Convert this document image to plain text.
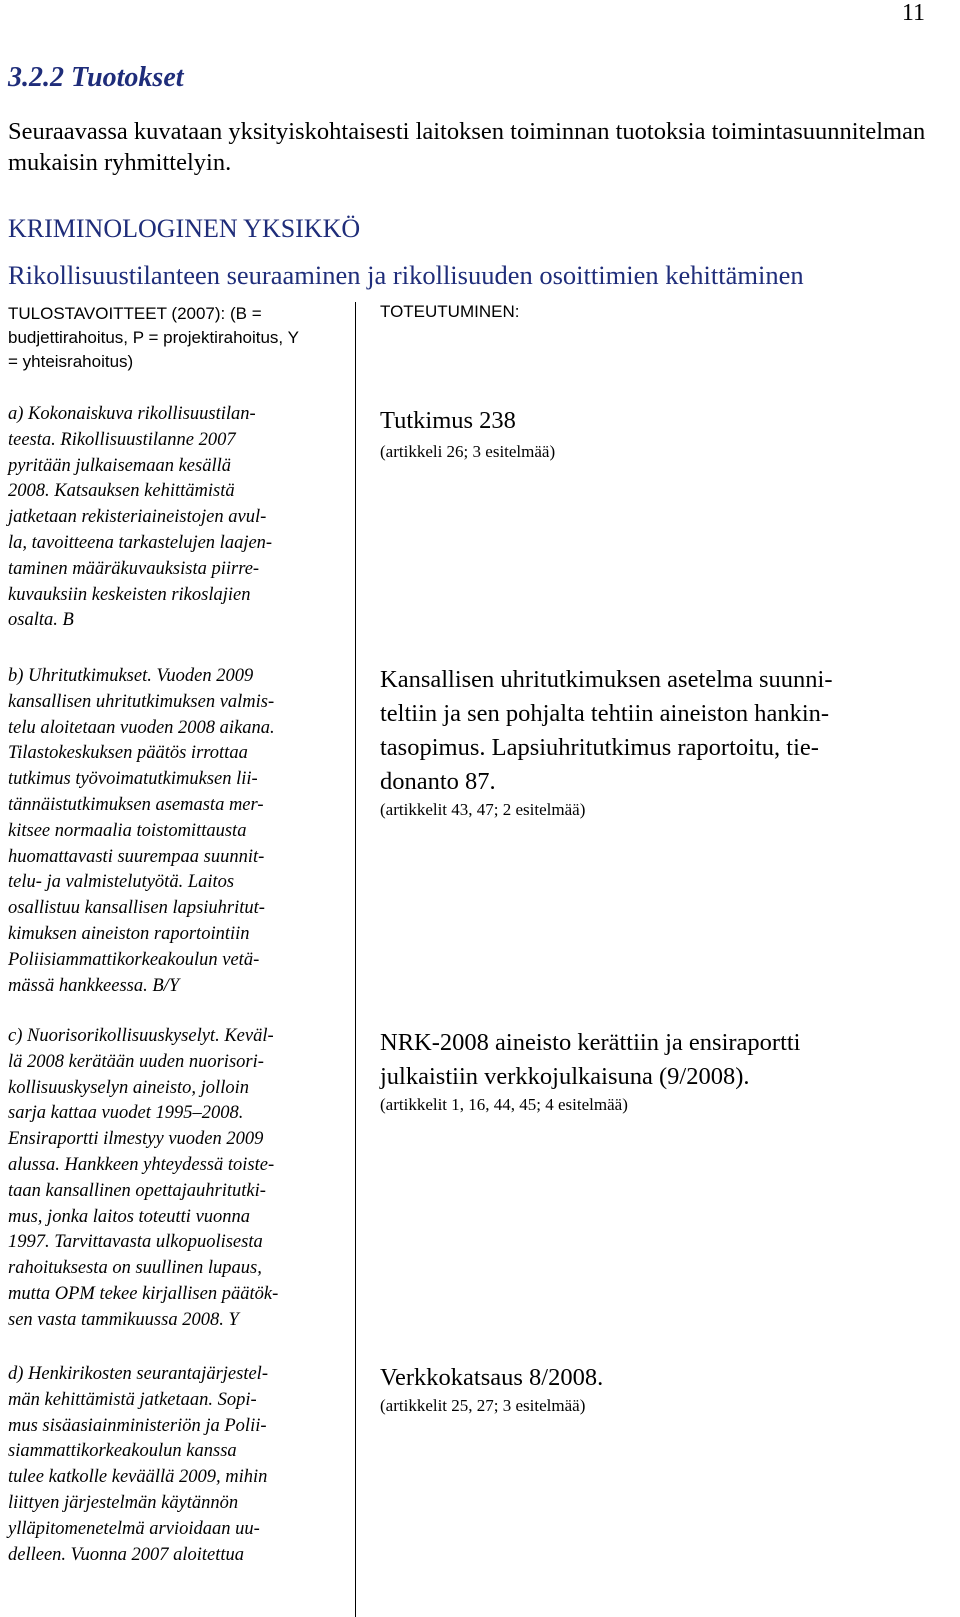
11
3.2.2 Tuotokset
Seuraavassa kuvataan yksityiskohtaisesti laitoksen toiminnan tuotoksia toimintasuunnitelman mukaisin ryhmittelyin.
KRIMINOLOGINEN YKSIKKÖ
Rikollisuustilanteen seuraaminen ja rikollisuuden osoittimien kehittäminen
TULOSTAVOITTEET (2007): (B = budjettirahoitus, P = projektirahoitus, Y = yhteisrahoitus)
TOTEUTUMINEN:
a) Kokonaiskuva rikollisuustilan-
teesta. Rikollisuustilanne 2007
pyritään julkaisemaan kesällä
2008. Katsauksen kehittämistä
jatketaan rekisteriaineistojen avul-
la, tavoitteena tarkastelujen laajen-
taminen määräkuvauksista piirre-
kuvauksiin keskeisten rikoslajien
osalta. B
Tutkimus 238
(artikkeli 26; 3 esitelmää)
b) Uhritutkimukset. Vuoden 2009
kansallisen uhritutkimuksen valmis-
telu aloitetaan vuoden 2008 aikana.
Tilastokeskuksen päätös irrottaa
tutkimus työvoimatutkimuksen lii-
tännäistutkimuksen asemasta mer-
kitsee normaalia toistomittausta
huomattavasti suurempaa suunnit-
telu- ja valmistelutyötä. Laitos
osallistuu kansallisen lapsiuhritut-
kimuksen aineiston raportointiin
Poliisiammattikorkeakoulun vetä-
mässä hankkeessa. B/Y
Kansallisen uhritutkimuksen asetelma suunni-
teltiin ja sen pohjalta tehtiin aineiston hankin-
tasopimus. Lapsiuhritutkimus raportoitu, tie-
donanto 87.
(artikkelit 43, 47; 2 esitelmää)
c) Nuorisorikollisuuskyselyt. Keväl-
lä 2008 kerätään uuden nuorisori-
kollisuuskyselyn aineisto, jolloin
sarja kattaa vuodet 1995–2008.
Ensiraportti ilmestyy vuoden 2009
alussa. Hankkeen yhteydessä toiste-
taan kansallinen opettajauhritutki-
mus, jonka laitos toteutti vuonna
1997. Tarvittavasta ulkopuolisesta
rahoituksesta on suullinen lupaus,
mutta OPM tekee kirjallisen päätök-
sen vasta tammikuussa 2008. Y
NRK-2008 aineisto kerättiin ja ensiraportti
julkaistiin verkkojulkaisuna (9/2008).
(artikkelit 1, 16, 44, 45; 4 esitelmää)
d) Henkirikosten seurantajärjestel-
män kehittämistä jatketaan. Sopi-
mus sisäasiainministeriön ja Polii-
siammattikorkeakoulun kanssa
tulee katkolle keväällä 2009, mihin
liittyen järjestelmän käytännön
ylläpitomenetelmä arvioidaan uu-
delleen. Vuonna 2007 aloitettua
Verkkokatsaus 8/2008.
(artikkelit 25, 27; 3 esitelmää)
